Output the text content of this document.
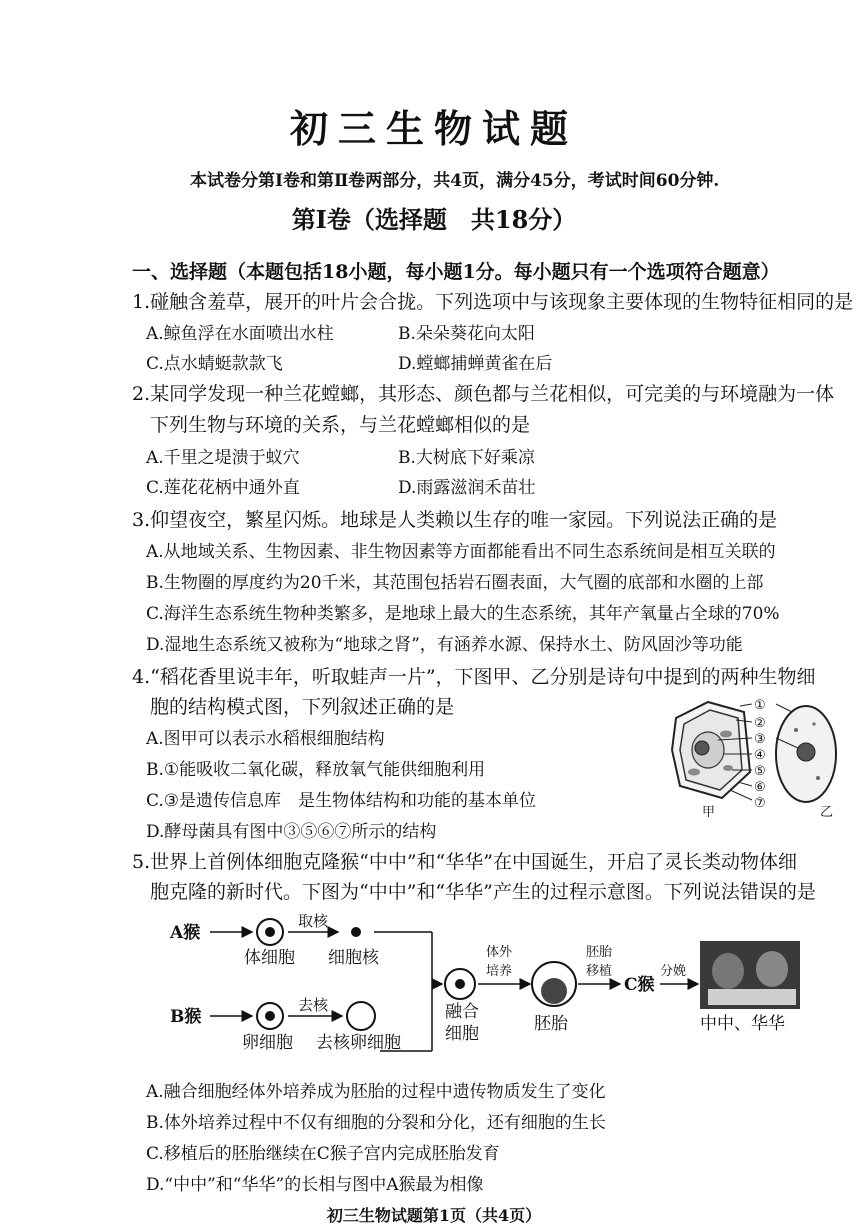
初三生物试题
本试卷分第Ⅰ卷和第Ⅱ卷两部分，共4页，满分45分，考试时间60分钟.
第Ⅰ卷（选择题　共18分）
一、选择题（本题包括18小题，每小题1分。每小题只有一个选项符合题意）
1.碰触含羞草，展开的叶片会合拢。下列选项中与该现象主要体现的生物特征相同的是
A.鲸鱼浮在水面喷出水柱	B.朵朵葵花向太阳
C.点水蜻蜓款款飞	D.螳螂捕蝉黄雀在后
2.某同学发现一种兰花螳螂，其形态、颜色都与兰花相似，可完美的与环境融为一体
下列生物与环境的关系，与兰花螳螂相似的是
A.千里之堤溃于蚁穴	B.大树底下好乘凉
C.莲花花柄中通外直	D.雨露滋润禾苗壮
3.仰望夜空，繁星闪烁。地球是人类赖以生存的唯一家园。下列说法正确的是
A.从地域关系、生物因素、非生物因素等方面都能看出不同生态系统间是相互关联的
B.生物圈的厚度约为20千米，其范围包括岩石圈表面，大气圈的底部和水圈的上部
C.海洋生态系统生物种类繁多，是地球上最大的生态系统，其年产氧量占全球的70%
D.湿地生态系统又被称为“地球之肾”，有涵养水源、保持水土、防风固沙等功能
4.“稻花香里说丰年，听取蛙声一片”，下图甲、乙分别是诗句中提到的两种生物细
胞的结构模式图，下列叙述正确的是
A.图甲可以表示水稻根细胞结构
B.①能吸收二氧化碳，释放氧气能供细胞利用
C.③是遗传信息库　是生物体结构和功能的基本单位
D.酵母菌具有图中③⑤⑥⑦所示的结构
①
②
③
④
⑤
⑥
⑦
甲	乙
5.世界上首例体细胞克隆猴“中中”和“华华”在中国诞生，开启了灵长类动物体细
胞克隆的新时代。下图为“中中”和“华华”产生的过程示意图。下列说法错误的是
A猴
B猴
取核
去核
体外
培养
胚胎
移植	分娩
体细胞 细胞核
卵细胞 去核卵细胞
融合
细胞	胚胎
C猴
中中、华华
A.融合细胞经体外培养成为胚胎的过程中遗传物质发生了变化
B.体外培养过程中不仅有细胞的分裂和分化，还有细胞的生长
C.移植后的胚胎继续在C猴子宫内完成胚胎发育
D.“中中”和“华华”的长相与图中A猴最为相像
初三生物试题第1页（共4页）
